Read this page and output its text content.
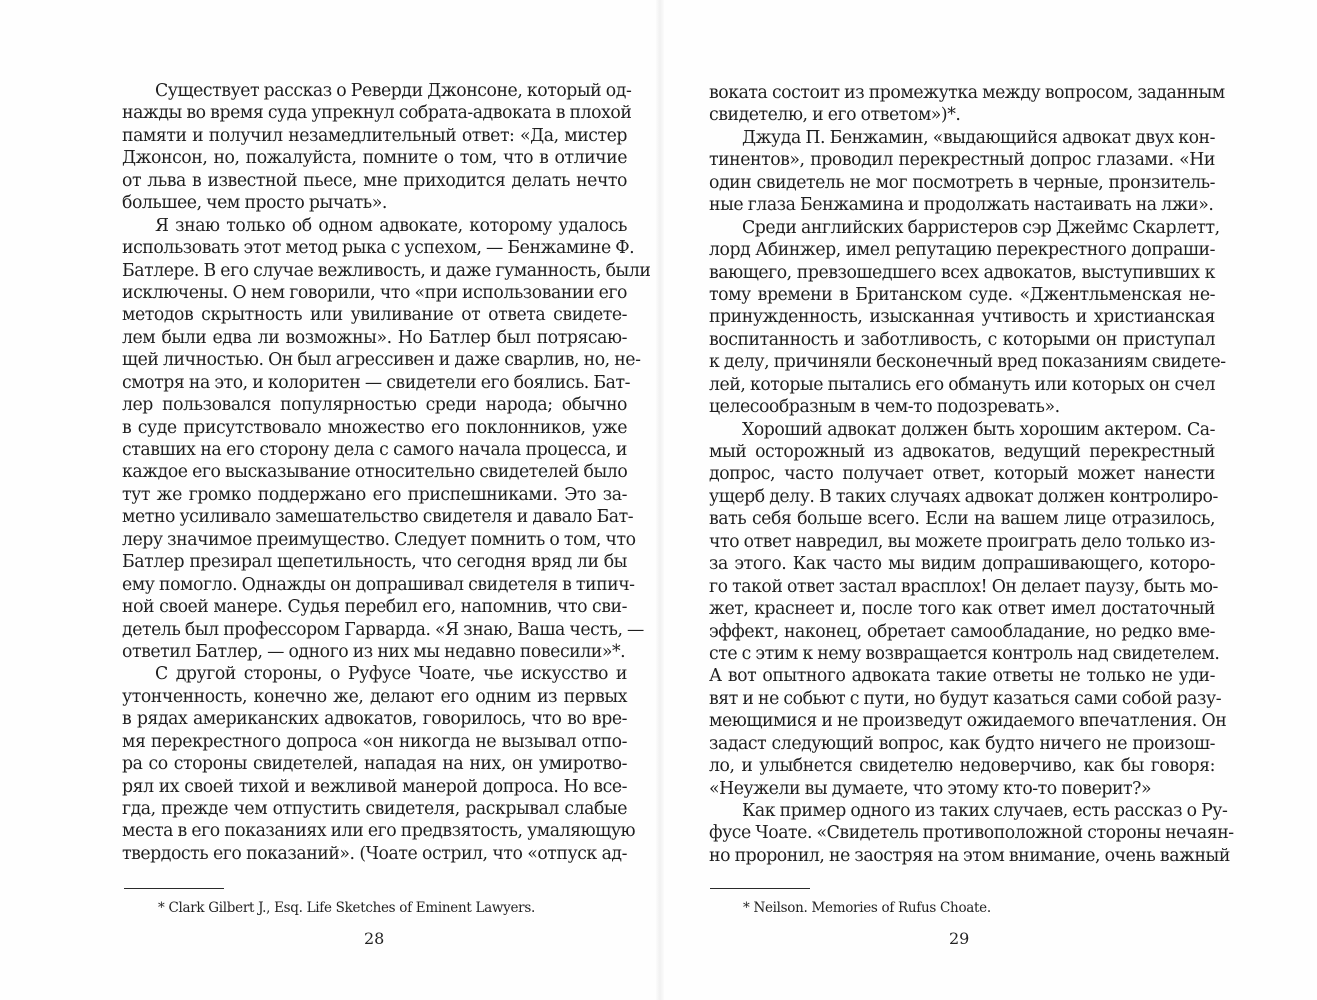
Существует рассказ о Реверди Джонсоне, который од-
нажды во время суда упрекнул собрата-адвоката в плохой
памяти и получил незамедлительный ответ: «Да, мистер
Джонсон, но, пожалуйста, помните о том, что в отличие
от льва в известной пьесе, мне приходится делать нечто
большее, чем просто рычать».
Я знаю только об одном адвокате, которому удалось
использовать этот метод рыка с успехом, — Бенжамине Ф.
Батлере. В его случае вежливость, и даже гуманность, были
исключены. О нем говорили, что «при использовании его
методов скрытность или увиливание от ответа свидете-
лем были едва ли возможны». Но Батлер был потрясаю-
щей личностью. Он был агрессивен и даже сварлив, но, не-
смотря на это, и колоритен — свидетели его боялись. Бат-
лер пользовался популярностью среди народа; обычно
в суде присутствовало множество его поклонников, уже
ставших на его сторону дела с самого начала процесса, и
каждое его высказывание относительно свидетелей было
тут же громко поддержано его приспешниками. Это за-
метно усиливало замешательство свидетеля и давало Бат-
леру значимое преимущество. Следует помнить о том, что
Батлер презирал щепетильность, что сегодня вряд ли бы
ему помогло. Однажды он допрашивал свидетеля в типич-
ной своей манере. Судья перебил его, напомнив, что сви-
детель был профессором Гарварда. «Я знаю, Ваша честь, —
ответил Батлер, — одного из них мы недавно повесили»*.
С другой стороны, о Руфусе Чоате, чье искусство и
утонченность, конечно же, делают его одним из первых
в рядах американских адвокатов, говорилось, что во вре-
мя перекрестного допроса «он никогда не вызывал отпо-
ра со стороны свидетелей, нападая на них, он умиротво-
рял их своей тихой и вежливой манерой допроса. Но все-
гда, прежде чем отпустить свидетеля, раскрывал слабые
места в его показаниях или его предвзятость, умаляющую
твердость его показаний». (Чоате острил, что «отпуск ад-
* Clark Gilbert J., Esq. Life Sketches of Eminent Lawyers.
28
воката состоит из промежутка между вопросом, заданным
свидетелю, и его ответом»)*.
Джуда П. Бенжамин, «выдающийся адвокат двух кон-
тинентов», проводил перекрестный допрос глазами. «Ни
один свидетель не мог посмотреть в черные, пронзитель-
ные глаза Бенжамина и продолжать настаивать на лжи».
Среди английских барристеров сэр Джеймс Скарлетт,
лорд Абинжер, имел репутацию перекрестного допраши-
вающего, превзошедшего всех адвокатов, выступивших к
тому времени в Британском суде. «Джентльменская не-
принужденность, изысканная учтивость и христианская
воспитанность и заботливость, с которыми он приступал
к делу, причиняли бесконечный вред показаниям свидете-
лей, которые пытались его обмануть или которых он счел
целесообразным в чем-то подозревать».
Хороший адвокат должен быть хорошим актером. Са-
мый осторожный из адвокатов, ведущий перекрестный
допрос, часто получает ответ, который может нанести
ущерб делу. В таких случаях адвокат должен контролиро-
вать себя больше всего. Если на вашем лице отразилось,
что ответ навредил, вы можете проиграть дело только из-
за этого. Как часто мы видим допрашивающего, которо-
го такой ответ застал врасплох! Он делает паузу, быть мо-
жет, краснеет и, после того как ответ имел достаточный
эффект, наконец, обретает самообладание, но редко вме-
сте с этим к нему возвращается контроль над свидетелем.
А вот опытного адвоката такие ответы не только не уди-
вят и не собьют с пути, но будут казаться сами собой разу-
меющимися и не произведут ожидаемого впечатления. Он
задаст следующий вопрос, как будто ничего не произош-
ло, и улыбнется свидетелю недоверчиво, как бы говоря:
«Неужели вы думаете, что этому кто-то поверит?»
Как пример одного из таких случаев, есть рассказ о Ру-
фусе Чоате. «Свидетель противоположной стороны нечаян-
но проронил, не заостряя на этом внимание, очень важный
* Neilson. Memories of Rufus Choate.
29
